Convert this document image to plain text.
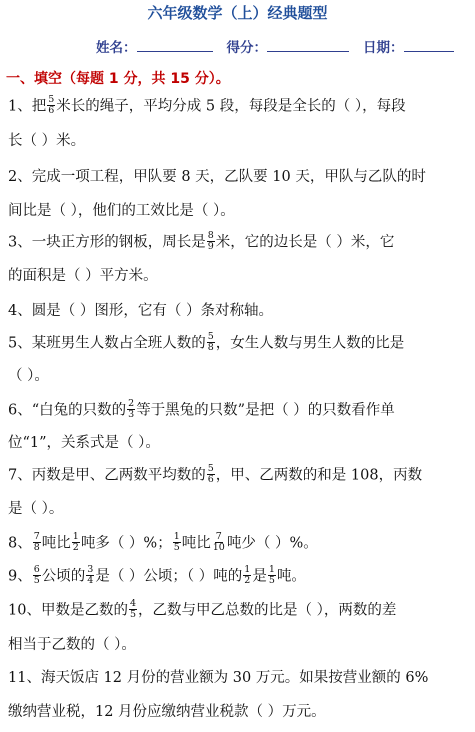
六年级数学（上）经典题型
姓名：	得分：	日期：
一、填空（每题 1 分，共 15 分）。
1、把 $\frac{5}{6}$ 米长的绳子，平均分成 5 段，每段是全长的（ ），每段
长（ ）米。
2、完成一项工程，甲队要 8 天，乙队要 10 天，甲队与乙队的时
间比是（ ），他们的工效比是（ ）。
3、一块正方形的钢板，周长是 $\frac{8}{9}$ 米，它的边长是（ ）米，它
的面积是（ ）平方米。
4、圆是（ ）图形，它有（ ）条对称轴。
5、某班男生人数占全班人数的 $\frac{5}{8}$ ，女生人数与男生人数的比是
（ ）。
6、“白兔的只数的 $\frac{2}{3}$ 等于黑兔的只数”是把（ ）的只数看作单
位“1”，关系式是（ ）。
7、丙数是甲、乙两数平均数的 $\frac{5}{6}$ ，甲、乙两数的和是 108，丙数
是（ ）。
8、 $\frac{7}{8}$ 吨比 $\frac{1}{2}$ 吨多（ ）%； $\frac{1}{5}$ 吨比 $\frac{7}{10}$ 吨少（ ）%。
9、 $\frac{6}{5}$ 公顷的 $\frac{3}{4}$ 是（ ）公顷；（ ）吨的 $\frac{1}{2}$ 是 $\frac{1}{5}$ 吨。
10、甲数是乙数的 $\frac{4}{5}$ ，乙数与甲乙总数的比是（ ），两数的差
相当于乙数的（ ）。
11、海天饭店 12 月份的营业额为 30 万元。如果按营业额的 6%
缴纳营业税，12 月份应缴纳营业税款（ ）万元。
